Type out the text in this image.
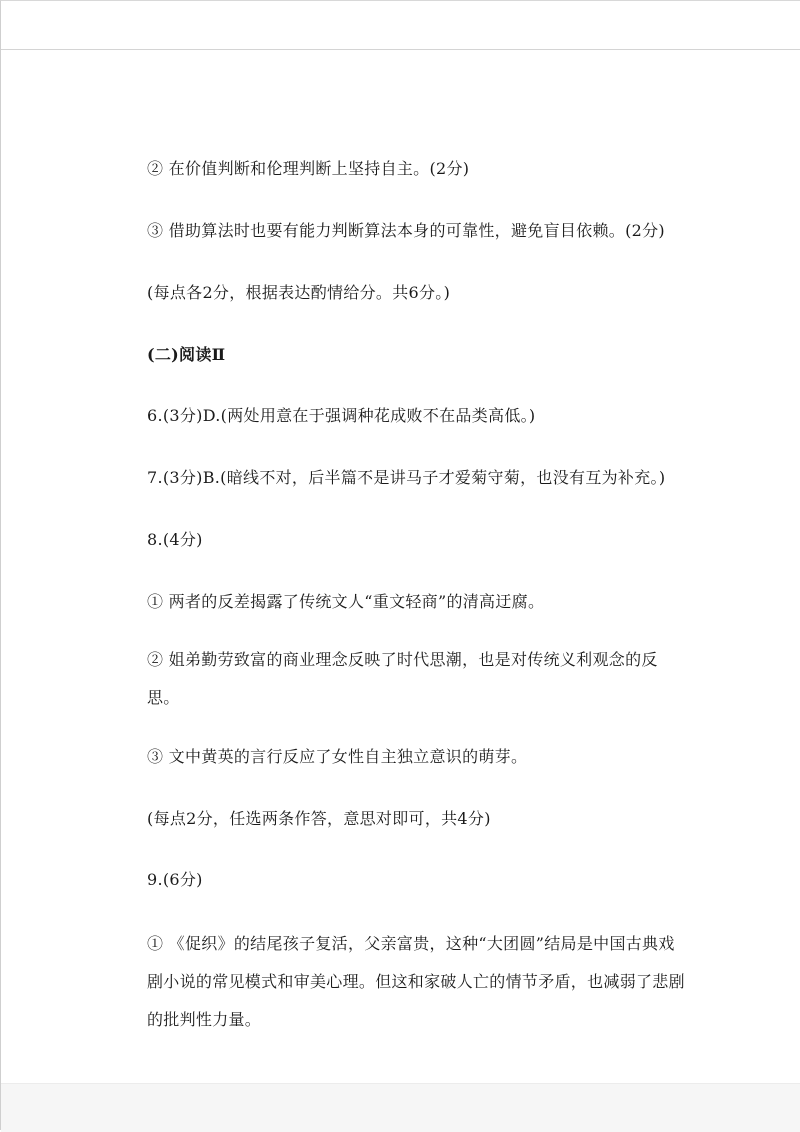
② 在价值判断和伦理判断上坚持自主。(2分)
③ 借助算法时也要有能力判断算法本身的可靠性，避免盲目依赖。(2分)
(每点各2分，根据表达酌情给分。共6分。)
(二)阅读Ⅱ
6.(3分)D.(两处用意在于强调种花成败不在品类高低。)
7.(3分)B.(暗线不对，后半篇不是讲马子才爱菊守菊，也没有互为补充。)
8.(4分)
① 两者的反差揭露了传统文人“重文轻商”的清高迂腐。
② 姐弟勤劳致富的商业理念反映了时代思潮，也是对传统义利观念的反思。
③ 文中黄英的言行反应了女性自主独立意识的萌芽。
(每点2分，任选两条作答，意思对即可，共4分)
9.(6分)
① 《促织》的结尾孩子复活，父亲富贵，这种“大团圆”结局是中国古典戏剧小说的常见模式和审美心理。但这和家破人亡的情节矛盾，也减弱了悲剧的批判性力量。
